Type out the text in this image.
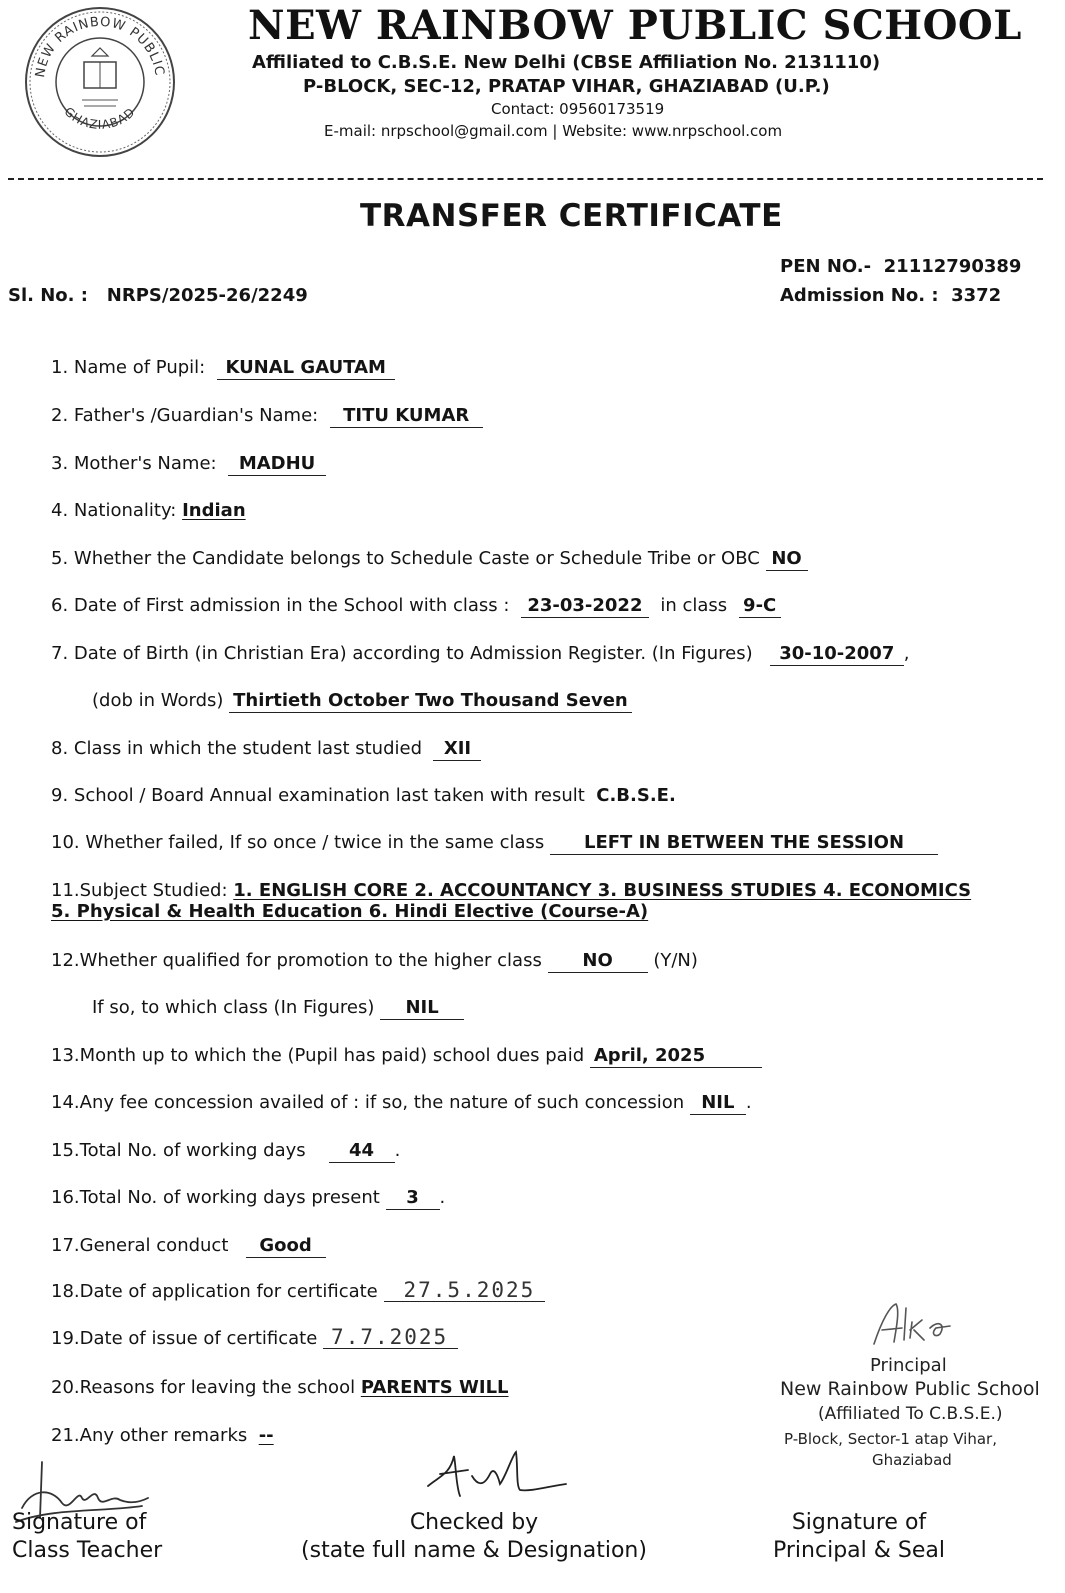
NEW RAINBOW PUBLIC
GHAZIABAD
NEW RAINBOW PUBLIC SCHOOL
Affiliated to C.B.S.E. New Delhi (CBSE Affiliation No. 2131110)
P-BLOCK, SEC-12, PRATAP VIHAR, GHAZIABAD (U.P.)
Contact: 09560173519
E-mail: nrpschool@gmail.com | Website: www.nrpschool.com
TRANSFER CERTIFICATE
PEN NO.- 21112790389
Sl. No. : NRPS/2025-26/2249	Admission No. : 3372
1. Name of Pupil: KUNAL GAUTAM
2. Father's /Guardian's Name: TITU KUMAR
3. Mother's Name: MADHU
4. Nationality: Indian
5. Whether the Candidate belongs to Schedule Caste or Schedule Tribe or OBC NO
6. Date of First admission in the School with class : 23-03-2022 in class 9-C
7. Date of Birth (in Christian Era) according to Admission Register. (In Figures) 30-10-2007 ,
(dob in Words) Thirtieth October Two Thousand Seven
8. Class in which the student last studied XII
9. School / Board Annual examination last taken with result C.B.S.E.
10. Whether failed, If so once / twice in the same class LEFT IN BETWEEN THE SESSION
11.Subject Studied: 1. ENGLISH CORE 2. ACCOUNTANCY 3. BUSINESS STUDIES 4. ECONOMICS
5. Physical & Health Education 6. Hindi Elective (Course-A)
12.Whether qualified for promotion to the higher class NO (Y/N)
If so, to which class (In Figures) NIL
13.Month up to which the (Pupil has paid) school dues paid April, 2025
14.Any fee concession availed of : if so, the nature of such concession NIL .
15.Total No. of working days 44 .
16.Total No. of working days present 3 .
17.General conduct Good
18.Date of application for certificate 27.5.2025
19.Date of issue of certificate 7.7.2025
20.Reasons for leaving the school PARENTS WILL
21.Any other remarks --
Principal
New Rainbow Public School
(Affiliated To C.B.S.E.)
P-Block, Sector-1 atap Vihar,
Ghaziabad
Signature of
Class Teacher
Checked by
(state full name & Designation)
Signature of
Principal & Seal
